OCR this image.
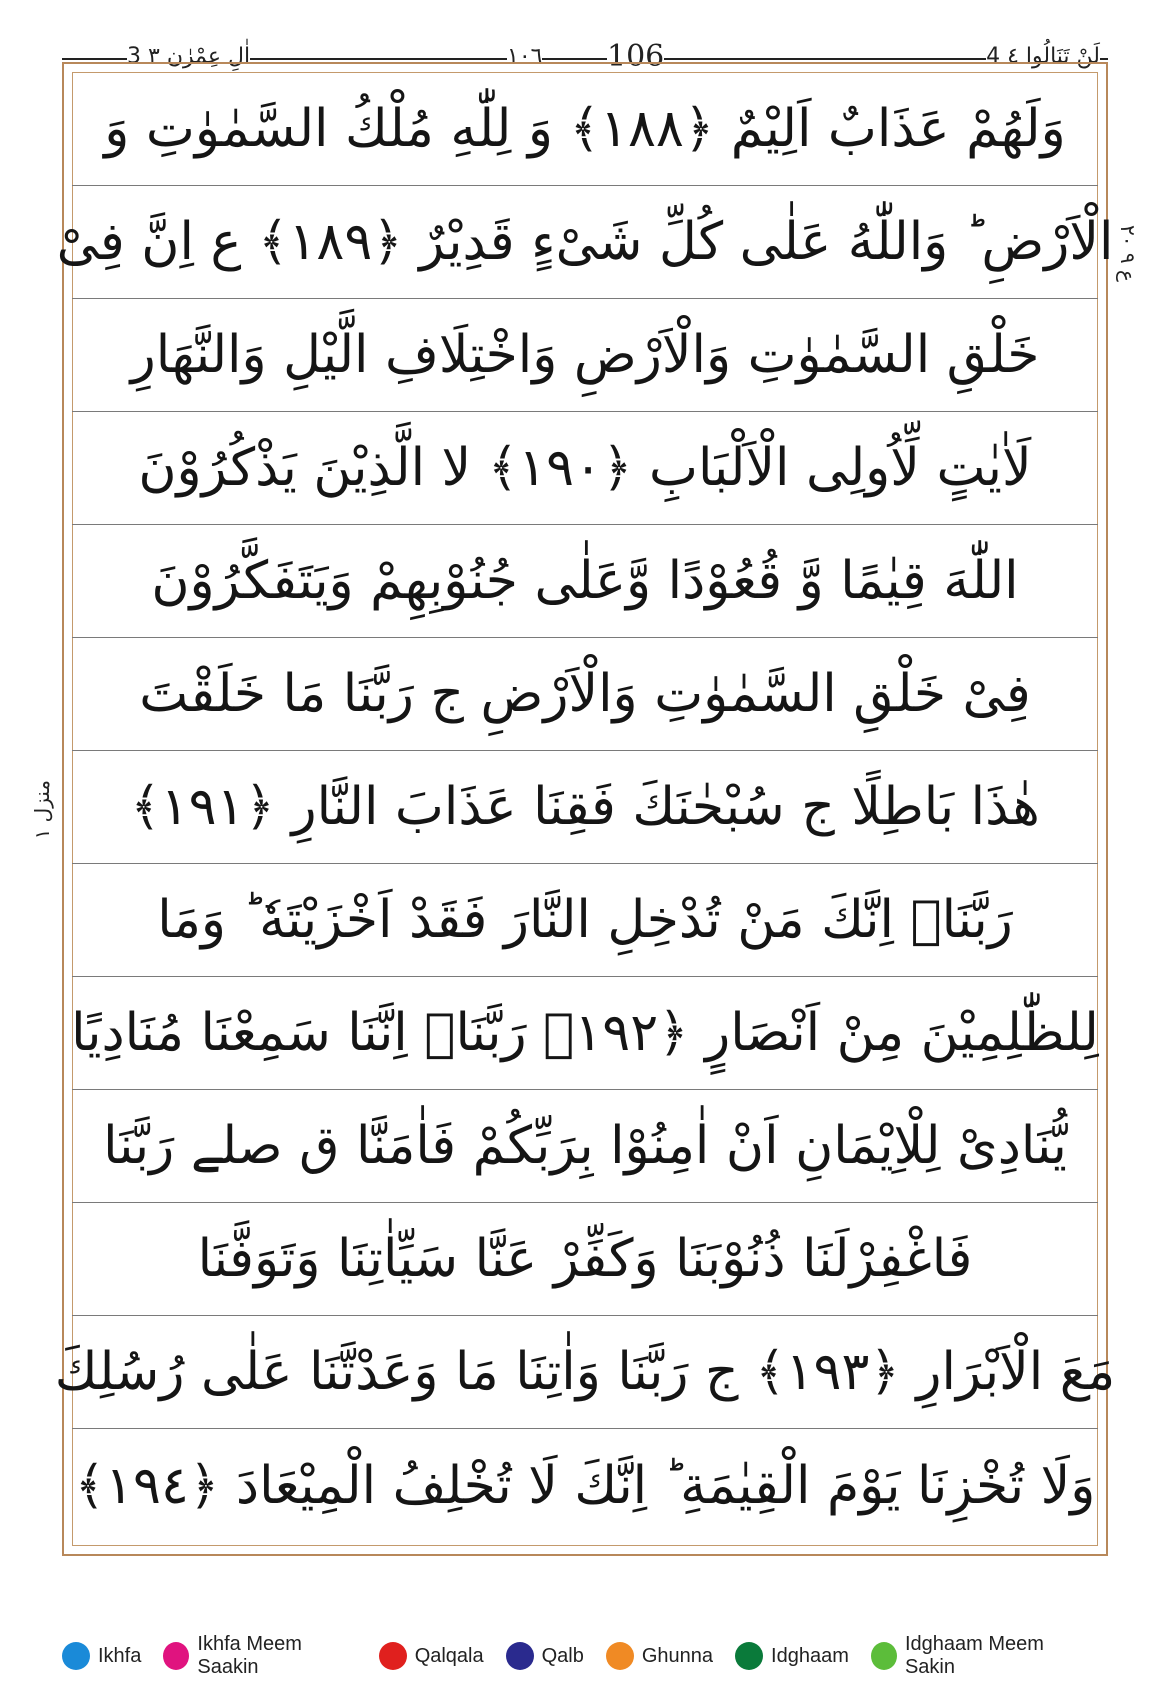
3 اٰلِ عِمْرٰن ٣	١٠٦ 106	4 لَنْ تَنَالُوا ٤
ع ٩ ٢٠
منزل ١
وَلَهُمْ عَذَابٌ اَلِيْمٌ ﴿١٨٨﴾ وَ لِلّٰهِ مُلْكُ السَّمٰوٰتِ وَ
الْاَرْضِ ؕ وَاللّٰهُ عَلٰى كُلِّ شَیْءٍ قَدِيْرٌ ﴿١٨٩﴾ ع اِنَّ فِیْ
خَلْقِ السَّمٰوٰتِ وَالْاَرْضِ وَاخْتِلَافِ الَّيْلِ وَالنَّهَارِ
لَاٰيٰتٍ لِّاُولِی الْاَلْبَابِ ﴿١٩٠﴾ لا الَّذِيْنَ يَذْكُرُوْنَ
اللّٰهَ قِيٰمًا وَّ قُعُوْدًا وَّعَلٰى جُنُوْبِهِمْ وَيَتَفَكَّرُوْنَ
فِیْ خَلْقِ السَّمٰوٰتِ وَالْاَرْضِ ج رَبَّنَا مَا خَلَقْتَ
هٰذَا بَاطِلًا ج سُبْحٰنَكَ فَقِنَا عَذَابَ النَّارِ ﴿١٩١﴾
رَبَّنَاۤ اِنَّكَ مَنْ تُدْخِلِ النَّارَ فَقَدْ اَخْزَيْتَهٗ ؕ وَمَا
لِلظّٰلِمِيْنَ مِنْ اَنْصَارٍ ﴿١٩٢﴾ رَبَّنَاۤ اِنَّنَا سَمِعْنَا مُنَادِيًا
يُّنَادِیْ لِلْاِيْمَانِ اَنْ اٰمِنُوْا بِرَبِّكُمْ فَاٰمَنَّا ق صلے رَبَّنَا
فَاغْفِرْلَنَا ذُنُوْبَنَا وَكَفِّرْ عَنَّا سَيِّاٰتِنَا وَتَوَفَّنَا
مَعَ الْاَبْرَارِ ﴿١٩٣﴾ ج رَبَّنَا وَاٰتِنَا مَا وَعَدْتَّنَا عَلٰى رُسُلِكَ
وَلَا تُخْزِنَا يَوْمَ الْقِيٰمَةِ ؕ اِنَّكَ لَا تُخْلِفُ الْمِيْعَادَ ﴿١٩٤﴾
Ikhfa
Ikhfa Meem Saakin
Qalqala	Qalb	Ghunna	Idghaam
Idghaam Meem Sakin
